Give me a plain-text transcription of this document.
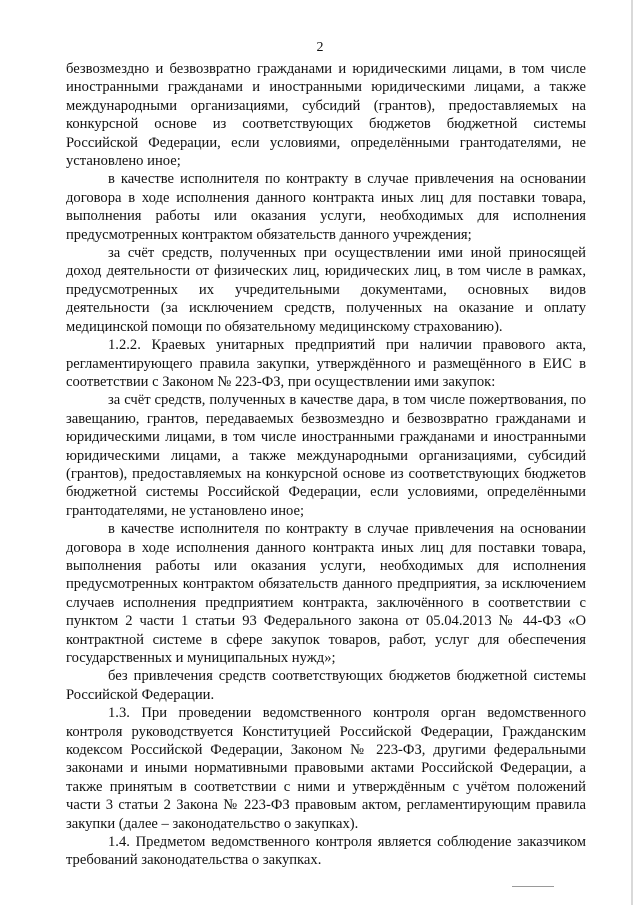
2

безвозмездно и безвозвратно гражданами и юридическими лицами, в том числе иностранными гражданами и иностранными юридическими лицами, а также международными организациями, субсидий (грантов), предоставляемых на конкурсной основе из соответствующих бюджетов бюджетной системы Российской Федерации, если условиями, определёнными грантодателями, не установлено иное;

в качестве исполнителя по контракту в случае привлечения на основании договора в ходе исполнения данного контракта иных лиц для поставки товара, выполнения работы или оказания услуги, необходимых для исполнения предусмотренных контрактом обязательств данного учреждения;

за счёт средств, полученных при осуществлении ими иной приносящей доход деятельности от физических лиц, юридических лиц, в том числе в рамках, предусмотренных их учредительными документами, основных видов деятельности (за исключением средств, полученных на оказание и оплату медицинской помощи по обязательному медицинскому страхованию).

1.2.2. Краевых унитарных предприятий при наличии правового акта, регламентирующего правила закупки, утверждённого и размещённого в ЕИС в соответствии с Законом № 223-ФЗ, при осуществлении ими закупок:

за счёт средств, полученных в качестве дара, в том числе пожертвования, по завещанию, грантов, передаваемых безвозмездно и безвозвратно гражданами и юридическими лицами, в том числе иностранными гражданами и иностранными юридическими лицами, а также международными организациями, субсидий (грантов), предоставляемых на конкурсной основе из соответствующих бюджетов бюджетной системы Российской Федерации, если условиями, определёнными грантодателями, не установлено иное;

в качестве исполнителя по контракту в случае привлечения на основании договора в ходе исполнения данного контракта иных лиц для поставки товара, выполнения работы или оказания услуги, необходимых для исполнения предусмотренных контрактом обязательств данного предприятия, за исключением случаев исполнения предприятием контракта, заключённого в соответствии с пунктом 2 части 1 статьи 93 Федерального закона от 05.04.2013 № 44-ФЗ «О контрактной системе в сфере закупок товаров, работ, услуг для обеспечения государственных и муниципальных нужд»;

без привлечения средств соответствующих бюджетов бюджетной системы Российской Федерации.

1.3. При проведении ведомственного контроля орган ведомственного контроля руководствуется Конституцией Российской Федерации, Гражданским кодексом Российской Федерации, Законом № 223-ФЗ, другими федеральными законами и иными нормативными правовыми актами Российской Федерации, а также принятым в соответствии с ними и утверждённым с учётом положений части 3 статьи 2 Закона № 223-ФЗ правовым актом, регламентирующим правила закупки (далее – законодательство о закупках).

1.4. Предметом ведомственного контроля является соблюдение заказчиком требований законодательства о закупках.
